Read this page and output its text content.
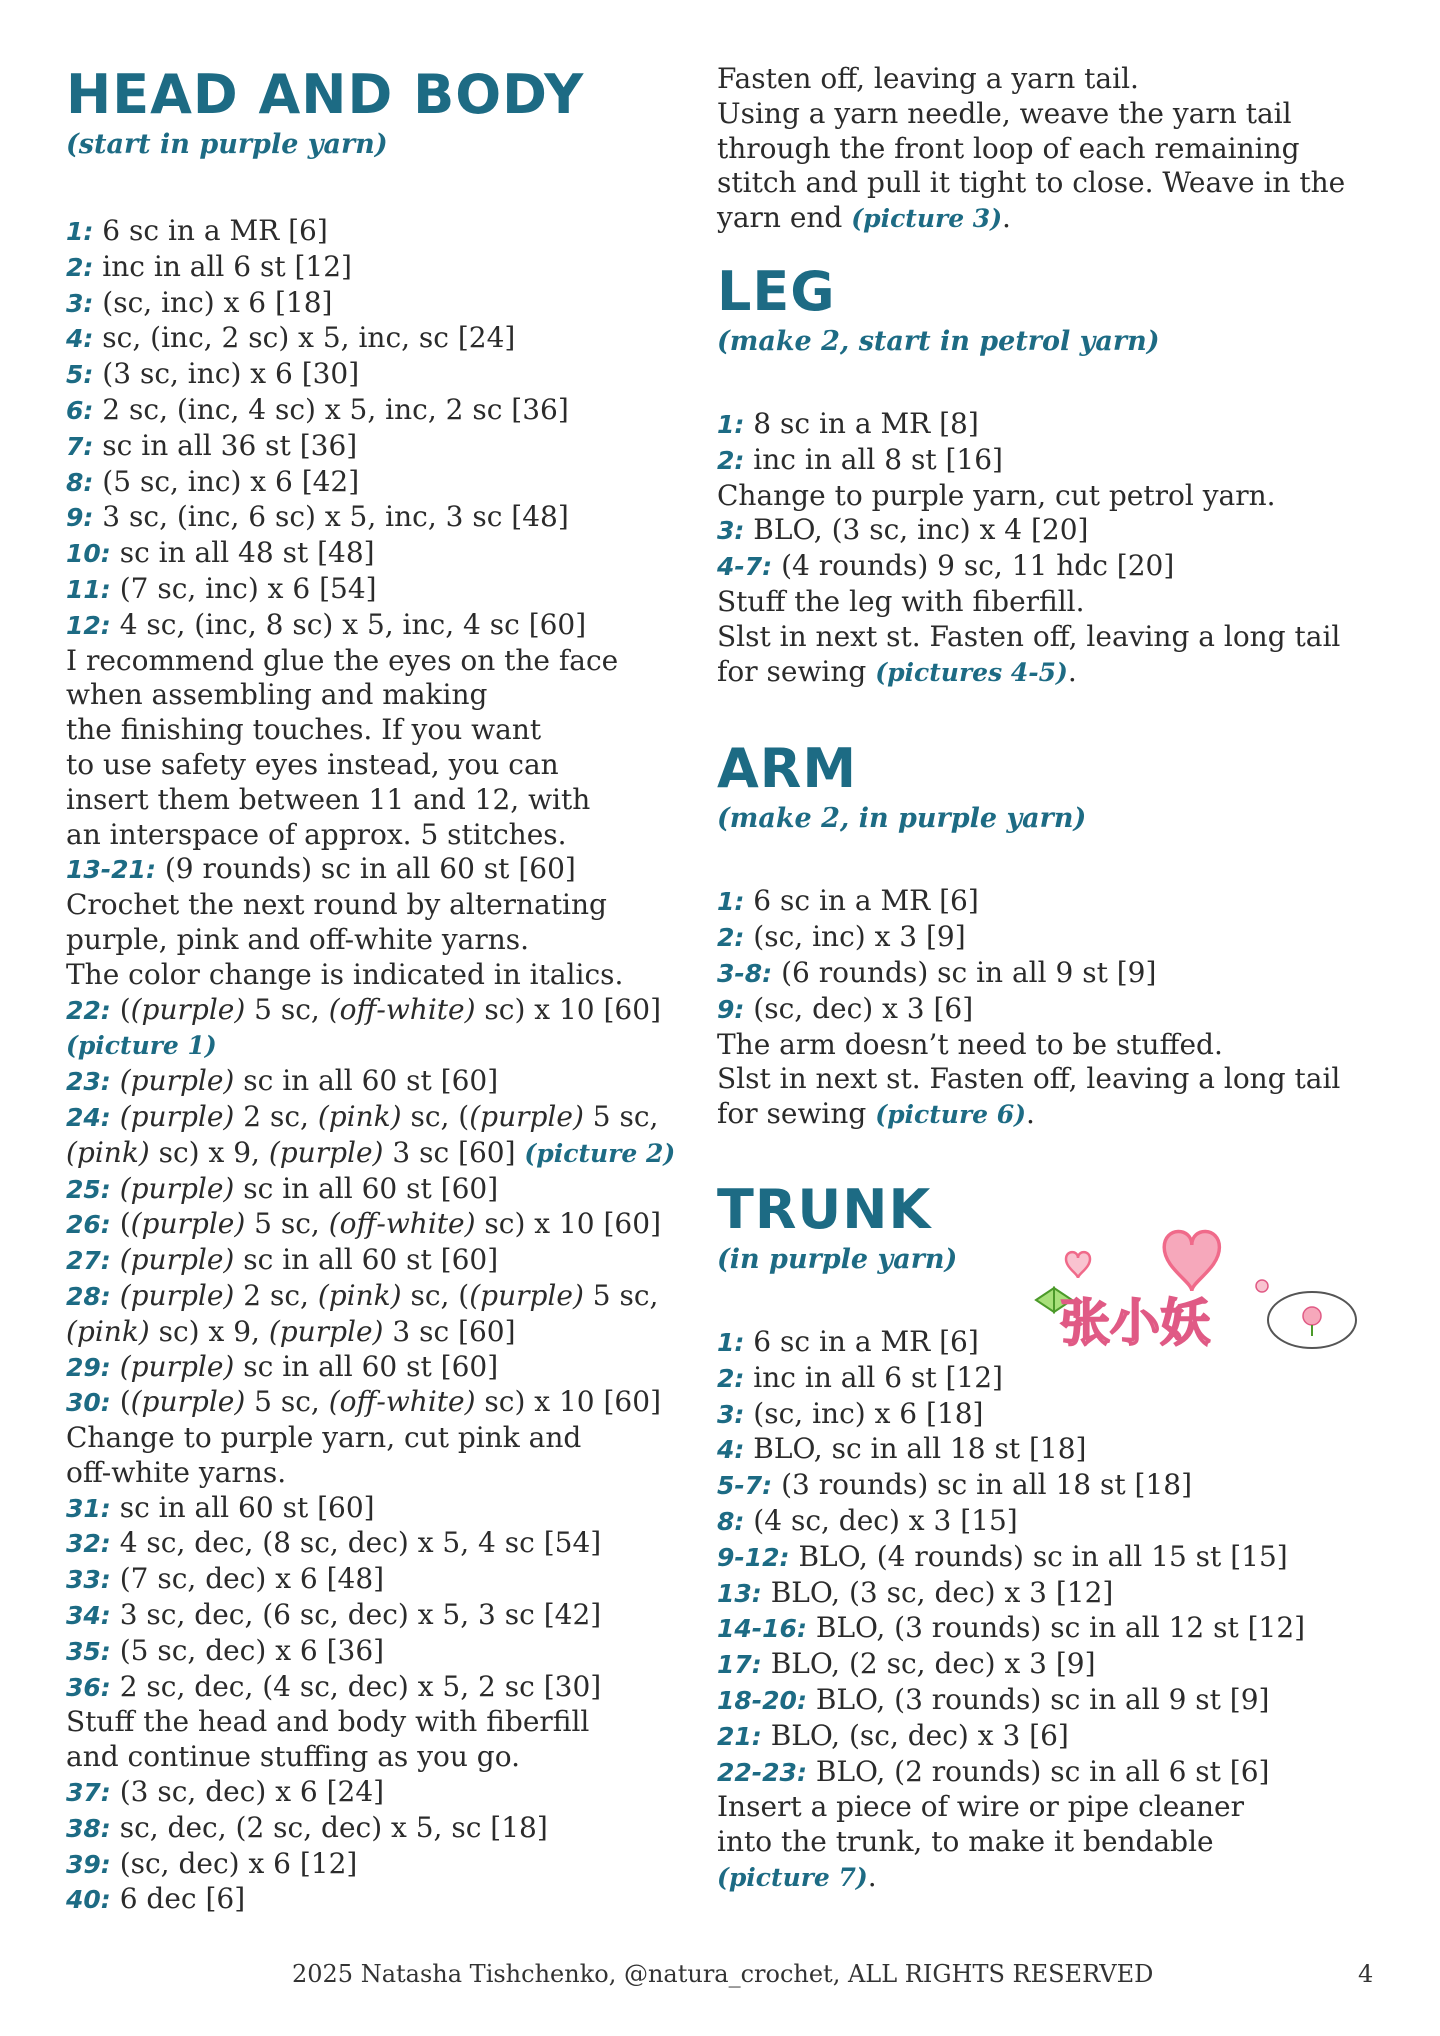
HEAD AND BODY

(start in purple yarn)

1: 6 sc in a MR [6]

2: inc in all 6 st [12]

3: (sc, inc) x 6 [18]

4: sc, (inc, 2 sc) x 5, inc, sc [24]

5: (3 sc, inc) x 6 [30]

6: 2 sc, (inc, 4 sc) x 5, inc, 2 sc [36]

7: sc in all 36 st [36]

8: (5 sc, inc) x 6 [42]

9: 3 sc, (inc, 6 sc) x 5, inc, 3 sc [48]

10: sc in all 48 st [48]

11: (7 sc, inc) x 6 [54]

12: 4 sc, (inc, 8 sc) x 5, inc, 4 sc [60]

I recommend glue the eyes on the face

when assembling and making

the finishing touches. If you want

to use safety eyes instead, you can

insert them between 11 and 12, with

an interspace of approx. 5 stitches.

13-21: (9 rounds) sc in all 60 st [60]

Crochet the next round by alternating

purple, pink and off-white yarns.

The color change is indicated in italics.

22: ((purple) 5 sc, (off-white) sc) x 10 [60]

(picture 1)

23: (purple) sc in all 60 st [60]

24: (purple) 2 sc, (pink) sc, ((purple) 5 sc,

(pink) sc) x 9, (purple) 3 sc [60] (picture 2)

25: (purple) sc in all 60 st [60]

26: ((purple) 5 sc, (off-white) sc) x 10 [60]

27: (purple) sc in all 60 st [60]

28: (purple) 2 sc, (pink) sc, ((purple) 5 sc,

(pink) sc) x 9, (purple) 3 sc [60]

29: (purple) sc in all 60 st [60]

30: ((purple) 5 sc, (off-white) sc) x 10 [60]

Change to purple yarn, cut pink and

off-white yarns.

31: sc in all 60 st [60]

32: 4 sc, dec, (8 sc, dec) x 5, 4 sc [54]

33: (7 sc, dec) x 6 [48]

34: 3 sc, dec, (6 sc, dec) x 5, 3 sc [42]

35: (5 sc, dec) x 6 [36]

36: 2 sc, dec, (4 sc, dec) x 5, 2 sc [30]

Stuff the head and body with fiberfill

and continue stuffing as you go.

37: (3 sc, dec) x 6 [24]

38: sc, dec, (2 sc, dec) x 5, sc [18]

39: (sc, dec) x 6 [12]

40: 6 dec [6]

Fasten off, leaving a yarn tail.

Using a yarn needle, weave the yarn tail

through the front loop of each remaining

stitch and pull it tight to close. Weave in the

yarn end (picture 3).

LEG

(make 2, start in petrol yarn)

1: 8 sc in a MR [8]

2: inc in all 8 st [16]

Change to purple yarn, cut petrol yarn.

3: BLO, (3 sc, inc) x 4 [20]

4-7: (4 rounds) 9 sc, 11 hdc [20]

Stuff the leg with fiberfill.

Slst in next st. Fasten off, leaving a long tail

for sewing (pictures 4-5).

ARM

(make 2, in purple yarn)

1: 6 sc in a MR [6]

2: (sc, inc) x 3 [9]

3-8: (6 rounds) sc in all 9 st [9]

9: (sc, dec) x 3 [6]

The arm doesn’t need to be stuffed.

Slst in next st. Fasten off, leaving a long tail

for sewing (picture 6).

TRUNK

(in purple yarn)

1: 6 sc in a MR [6]

2: inc in all 6 st [12]

3: (sc, inc) x 6 [18]

4: BLO, sc in all 18 st [18]

5-7: (3 rounds) sc in all 18 st [18]

8: (4 sc, dec) x 3 [15]

9-12: BLO, (4 rounds) sc in all 15 st [15]

13: BLO, (3 sc, dec) x 3 [12]

14-16: BLO, (3 rounds) sc in all 12 st [12]

17: BLO, (2 sc, dec) x 3 [9]

18-20: BLO, (3 rounds) sc in all 9 st [9]

21: BLO, (sc, dec) x 3 [6]

22-23: BLO, (2 rounds) sc in all 6 st [6]

Insert a piece of wire or pipe cleaner

into the trunk, to make it bendable

(picture 7).

张小妖
2025 Natasha Tishchenko, @natura_crochet, ALL RIGHTS RESERVED	4
